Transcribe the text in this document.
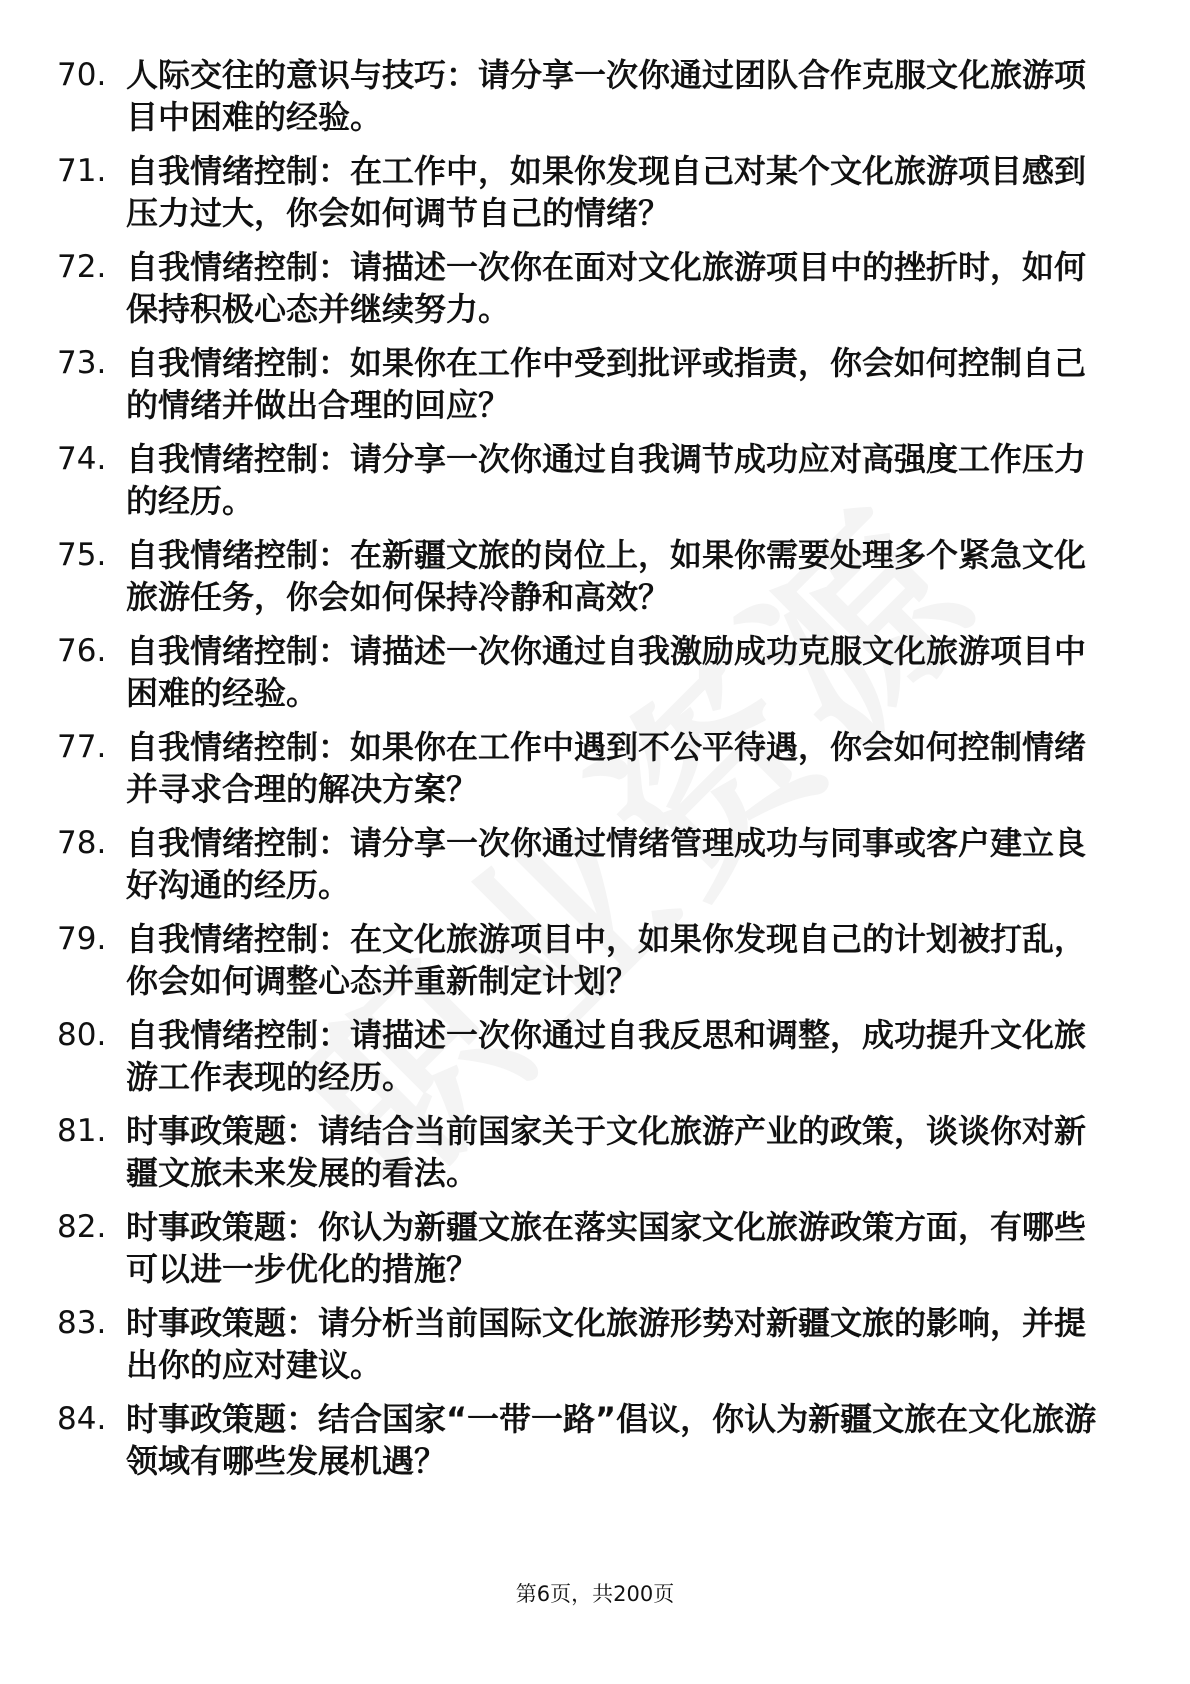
70. 人际交往的意识与技巧：请分享一次你通过团队合作克服文化旅游项目中困难的经验。
71. 自我情绪控制：在工作中，如果你发现自己对某个文化旅游项目感到压力过大，你会如何调节自己的情绪？
72. 自我情绪控制：请描述一次你在面对文化旅游项目中的挫折时，如何保持积极心态并继续努力。
73. 自我情绪控制：如果你在工作中受到批评或指责，你会如何控制自己的情绪并做出合理的回应？
74. 自我情绪控制：请分享一次你通过自我调节成功应对高强度工作压力的经历。
75. 自我情绪控制：在新疆文旅的岗位上，如果你需要处理多个紧急文化旅游任务，你会如何保持冷静和高效？
76. 自我情绪控制：请描述一次你通过自我激励成功克服文化旅游项目中困难的经验。
77. 自我情绪控制：如果你在工作中遇到不公平待遇，你会如何控制情绪并寻求合理的解决方案？
78. 自我情绪控制：请分享一次你通过情绪管理成功与同事或客户建立良好沟通的经历。
79. 自我情绪控制：在文化旅游项目中，如果你发现自己的计划被打乱，你会如何调整心态并重新制定计划？
80. 自我情绪控制：请描述一次你通过自我反思和调整，成功提升文化旅游工作表现的经历。
81. 时事政策题：请结合当前国家关于文化旅游产业的政策，谈谈你对新疆文旅未来发展的看法。
82. 时事政策题：你认为新疆文旅在落实国家文化旅游政策方面，有哪些可以进一步优化的措施？
83. 时事政策题：请分析当前国际文化旅游形势对新疆文旅的影响，并提出你的应对建议。
84. 时事政策题：结合国家“一带一路”倡议，你认为新疆文旅在文化旅游领域有哪些发展机遇？
第6页，共200页
